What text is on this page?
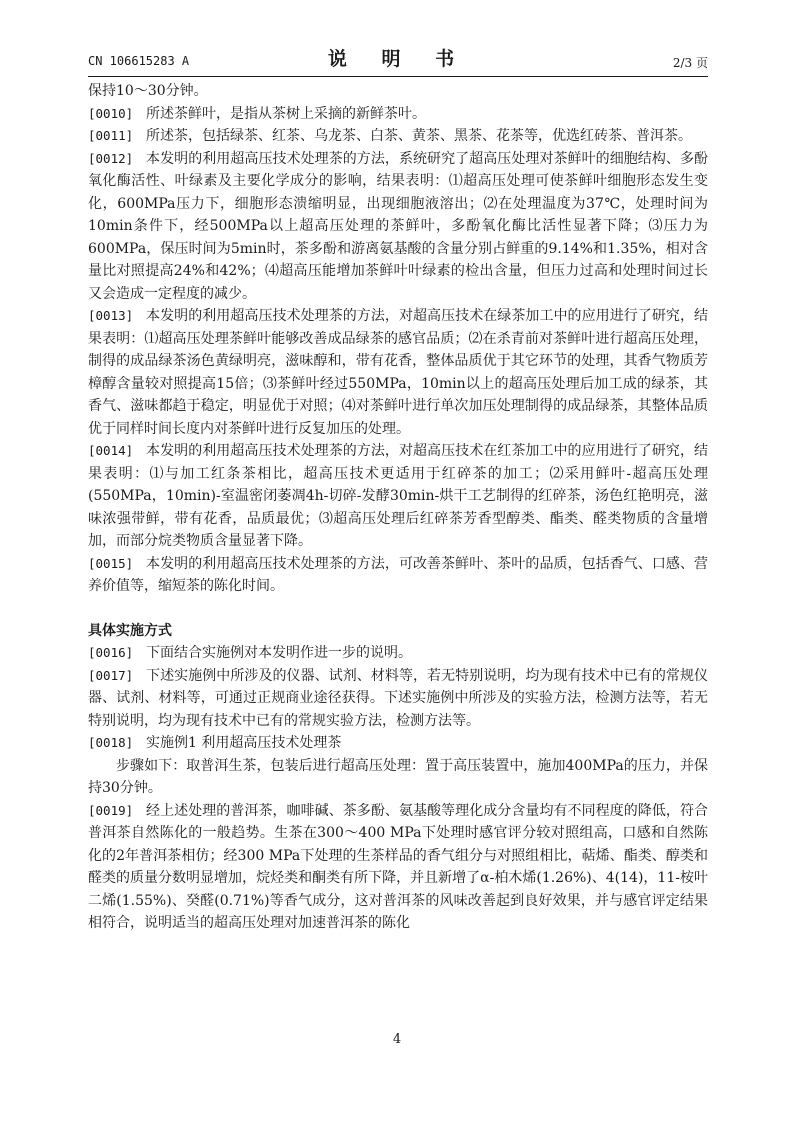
CN 106615283 A	说 明 书	2/3 页

保持10～30分钟。

[0010] 所述茶鲜叶，是指从茶树上采摘的新鲜茶叶。

[0011] 所述茶，包括绿茶、红茶、乌龙茶、白茶、黄茶、黑茶、花茶等，优选红砖茶、普洱茶。

[0012] 本发明的利用超高压技术处理茶的方法，系统研究了超高压处理对茶鲜叶的细胞结构、多酚氧化酶活性、叶绿素及主要化学成分的影响，结果表明：⑴超高压处理可使茶鲜叶细胞形态发生变化，600MPa压力下，细胞形态溃缩明显，出现细胞液溶出；⑵在处理温度为37℃，处理时间为10min条件下，经500MPa以上超高压处理的茶鲜叶，多酚氧化酶比活性显著下降；⑶压力为600MPa，保压时间为5min时，茶多酚和游离氨基酸的含量分别占鲜重的9.14%和1.35%，相对含量比对照提高24%和42%；⑷超高压能增加茶鲜叶叶绿素的检出含量，但压力过高和处理时间过长又会造成一定程度的减少。

[0013] 本发明的利用超高压技术处理茶的方法，对超高压技术在绿茶加工中的应用进行了研究，结果表明：⑴超高压处理茶鲜叶能够改善成品绿茶的感官品质；⑵在杀青前对茶鲜叶进行超高压处理，制得的成品绿茶汤色黄绿明亮，滋味醇和，带有花香，整体品质优于其它环节的处理，其香气物质芳樟醇含量较对照提高15倍；⑶茶鲜叶经过550MPa，10min以上的超高压处理后加工成的绿茶，其香气、滋味都趋于稳定，明显优于对照；⑷对茶鲜叶进行单次加压处理制得的成品绿茶，其整体品质优于同样时间长度内对茶鲜叶进行反复加压的处理。

[0014] 本发明的利用超高压技术处理茶的方法，对超高压技术在红茶加工中的应用进行了研究，结果表明：⑴与加工红条茶相比，超高压技术更适用于红碎茶的加工；⑵采用鲜叶-超高压处理(550MPa，10min)-室温密闭萎凋4h-切碎-发酵30min-烘干工艺制得的红碎茶，汤色红艳明亮，滋味浓强带鲜，带有花香，品质最优；⑶超高压处理后红碎茶芳香型醇类、酯类、醛类物质的含量增加，而部分烷类物质含量显著下降。

[0015] 本发明的利用超高压技术处理茶的方法，可改善茶鲜叶、茶叶的品质，包括香气、口感、营养价值等，缩短茶的陈化时间。

具体实施方式

[0016] 下面结合实施例对本发明作进一步的说明。

[0017] 下述实施例中所涉及的仪器、试剂、材料等，若无特别说明，均为现有技术中已有的常规仪器、试剂、材料等，可通过正规商业途径获得。下述实施例中所涉及的实验方法，检测方法等，若无特别说明，均为现有技术中已有的常规实验方法，检测方法等。

[0018] 实施例1 利用超高压技术处理茶

步骤如下：取普洱生茶，包装后进行超高压处理：置于高压装置中，施加400MPa的压力，并保持30分钟。

[0019] 经上述处理的普洱茶，咖啡碱、茶多酚、氨基酸等理化成分含量均有不同程度的降低，符合普洱茶自然陈化的一般趋势。生茶在300～400 MPa下处理时感官评分较对照组高，口感和自然陈化的2年普洱茶相仿；经300 MPa下处理的生茶样品的香气组分与对照组相比，萜烯、酯类、醇类和醛类的质量分数明显增加，烷烃类和酮类有所下降，并且新增了α-柏木烯(1.26%)、4(14)，11-桉叶二烯(1.55%)、癸醛(0.71%)等香气成分，这对普洱茶的风味改善起到良好效果，并与感官评定结果相符合，说明适当的超高压处理对加速普洱茶的陈化

4
